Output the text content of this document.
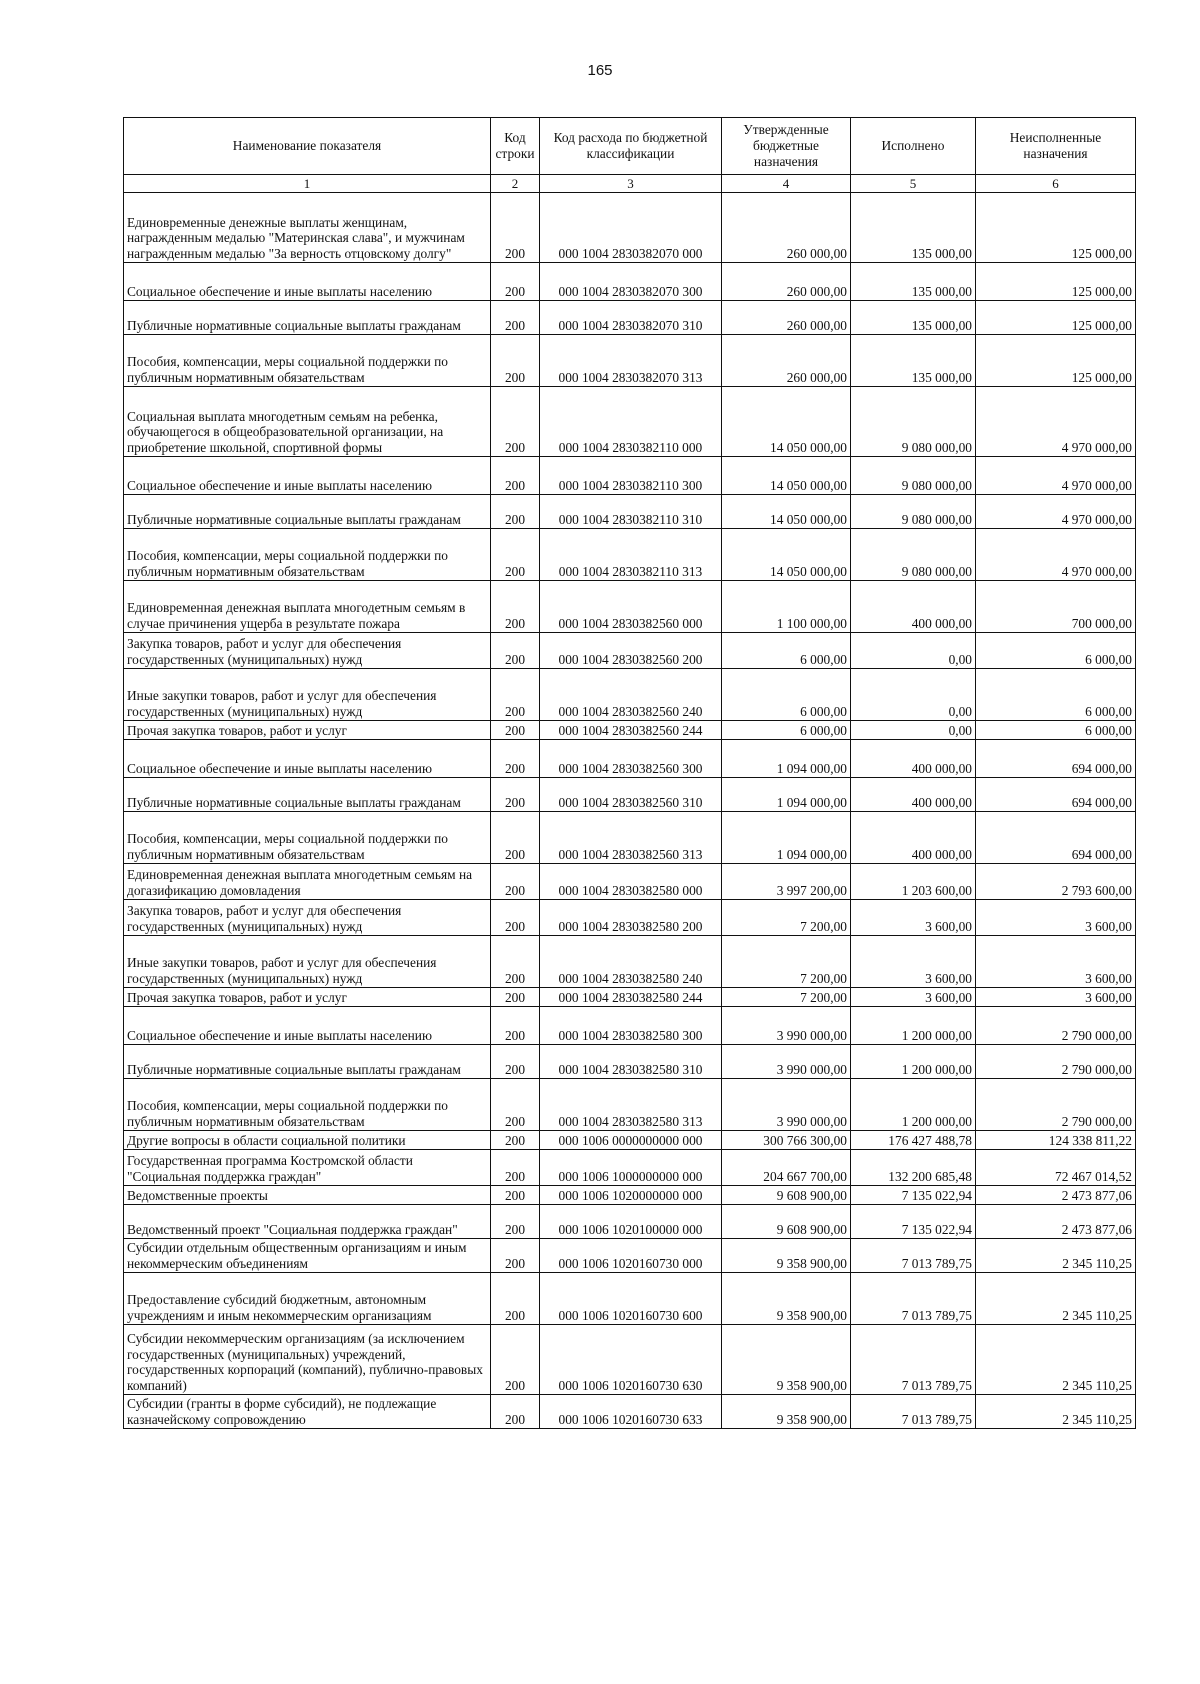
165
Наименование показателя	Код строки	Код расхода по бюджетной классификации	Утвержденные бюджетные назначения	Исполнено	Неисполненные назначения
1	2	3	4	5	6
Единовременные денежные выплаты женщинам, награжденным медалью "Материнская слава", и мужчинам награжденным медалью "За верность отцовскому долгу"	200	000 1004 2830382070 000	260 000,00	135 000,00	125 000,00
Социальное обеспечение и иные выплаты населению	200	000 1004 2830382070 300	260 000,00	135 000,00	125 000,00
Публичные нормативные социальные выплаты гражданам	200	000 1004 2830382070 310	260 000,00	135 000,00	125 000,00
Пособия, компенсации, меры социальной поддержки по публичным нормативным обязательствам	200	000 1004 2830382070 313	260 000,00	135 000,00	125 000,00
Социальная выплата многодетным семьям на ребенка, обучающегося в общеобразовательной организации, на приобретение школьной, спортивной формы	200	000 1004 2830382110 000	14 050 000,00	9 080 000,00	4 970 000,00
Социальное обеспечение и иные выплаты населению	200	000 1004 2830382110 300	14 050 000,00	9 080 000,00	4 970 000,00
Публичные нормативные социальные выплаты гражданам	200	000 1004 2830382110 310	14 050 000,00	9 080 000,00	4 970 000,00
Пособия, компенсации, меры социальной поддержки по публичным нормативным обязательствам	200	000 1004 2830382110 313	14 050 000,00	9 080 000,00	4 970 000,00
Единовременная денежная выплата многодетным семьям в случае причинения ущерба в результате пожара	200	000 1004 2830382560 000	1 100 000,00	400 000,00	700 000,00
Закупка товаров, работ и услуг для обеспечения государственных (муниципальных) нужд	200	000 1004 2830382560 200	6 000,00	0,00	6 000,00
Иные закупки товаров, работ и услуг для обеспечения государственных (муниципальных) нужд	200	000 1004 2830382560 240	6 000,00	0,00	6 000,00
Прочая закупка товаров, работ и услуг	200	000 1004 2830382560 244	6 000,00	0,00	6 000,00
Социальное обеспечение и иные выплаты населению	200	000 1004 2830382560 300	1 094 000,00	400 000,00	694 000,00
Публичные нормативные социальные выплаты гражданам	200	000 1004 2830382560 310	1 094 000,00	400 000,00	694 000,00
Пособия, компенсации, меры социальной поддержки по публичным нормативным обязательствам	200	000 1004 2830382560 313	1 094 000,00	400 000,00	694 000,00
Единовременная денежная выплата многодетным семьям на догазификацию домовладения	200	000 1004 2830382580 000	3 997 200,00	1 203 600,00	2 793 600,00
Закупка товаров, работ и услуг для обеспечения государственных (муниципальных) нужд	200	000 1004 2830382580 200	7 200,00	3 600,00	3 600,00
Иные закупки товаров, работ и услуг для обеспечения государственных (муниципальных) нужд	200	000 1004 2830382580 240	7 200,00	3 600,00	3 600,00
Прочая закупка товаров, работ и услуг	200	000 1004 2830382580 244	7 200,00	3 600,00	3 600,00
Социальное обеспечение и иные выплаты населению	200	000 1004 2830382580 300	3 990 000,00	1 200 000,00	2 790 000,00
Публичные нормативные социальные выплаты гражданам	200	000 1004 2830382580 310	3 990 000,00	1 200 000,00	2 790 000,00
Пособия, компенсации, меры социальной поддержки по публичным нормативным обязательствам	200	000 1004 2830382580 313	3 990 000,00	1 200 000,00	2 790 000,00
Другие вопросы в области социальной политики	200	000 1006 0000000000 000	300 766 300,00	176 427 488,78	124 338 811,22
Государственная программа Костромской области "Социальная поддержка граждан"	200	000 1006 1000000000 000	204 667 700,00	132 200 685,48	72 467 014,52
Ведомственные проекты	200	000 1006 1020000000 000	9 608 900,00	7 135 022,94	2 473 877,06
Ведомственный проект "Социальная поддержка граждан"	200	000 1006 1020100000 000	9 608 900,00	7 135 022,94	2 473 877,06
Субсидии отдельным общественным организациям и иным некоммерческим объединениям	200	000 1006 1020160730 000	9 358 900,00	7 013 789,75	2 345 110,25
Предоставление субсидий бюджетным, автономным учреждениям и иным некоммерческим организациям	200	000 1006 1020160730 600	9 358 900,00	7 013 789,75	2 345 110,25
Субсидии некоммерческим организациям (за исключением государственных (муниципальных) учреждений, государственных корпораций (компаний), публично-правовых компаний)	200	000 1006 1020160730 630	9 358 900,00	7 013 789,75	2 345 110,25
Субсидии (гранты в форме субсидий), не подлежащие казначейскому сопровождению	200	000 1006 1020160730 633	9 358 900,00	7 013 789,75	2 345 110,25
